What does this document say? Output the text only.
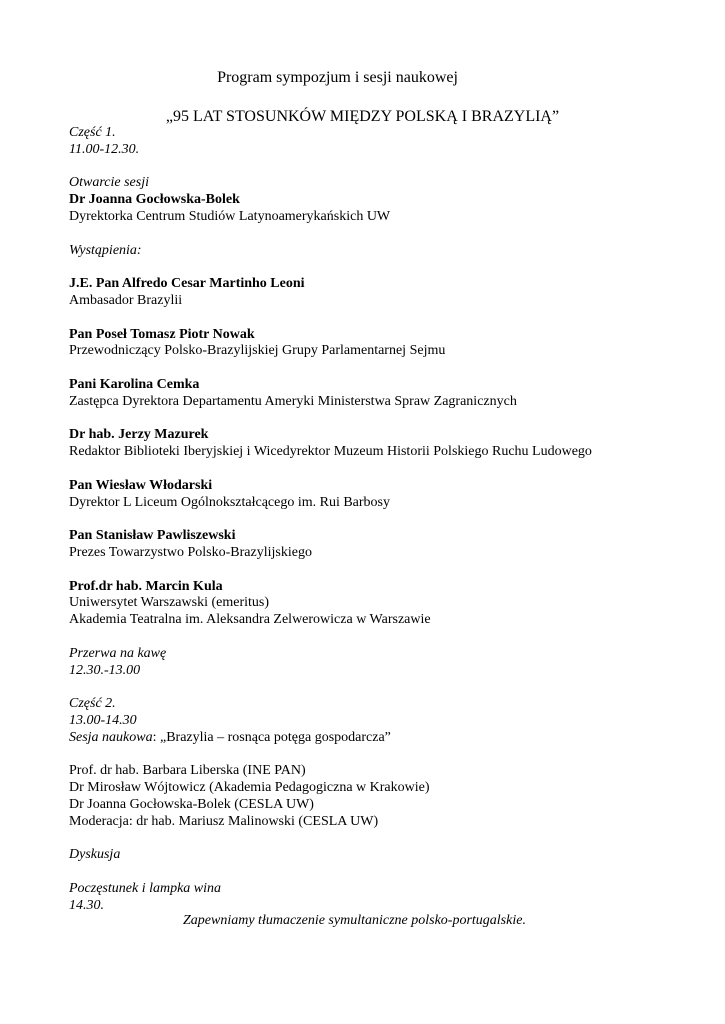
Program sympozjum i sesji naukowej
„95 LAT STOSUNKÓW MIĘDZY POLSKĄ I BRAZYLIĄ”
Część 1.
11.00-12.30.
Otwarcie sesji
Dr Joanna Gocłowska-Bolek
Dyrektorka Centrum Studiów Latynoamerykańskich UW
Wystąpienia:
J.E. Pan Alfredo Cesar Martinho Leoni
Ambasador Brazylii
Pan Poseł Tomasz Piotr Nowak
Przewodniczący Polsko-Brazylijskiej Grupy Parlamentarnej Sejmu
Pani Karolina Cemka
Zastępca Dyrektora Departamentu Ameryki Ministerstwa Spraw Zagranicznych
Dr hab. Jerzy Mazurek
Redaktor Biblioteki Iberyjskiej i Wicedyrektor Muzeum Historii Polskiego Ruchu Ludowego
Pan Wiesław Włodarski
Dyrektor L Liceum Ogólnokształcącego im. Rui Barbosy
Pan Stanisław Pawliszewski
Prezes Towarzystwo Polsko-Brazylijskiego
Prof.dr hab. Marcin Kula
Uniwersytet Warszawski (emeritus)
Akademia Teatralna im. Aleksandra Zelwerowicza w Warszawie
Przerwa na kawę
12.30.-13.00
Część 2.
13.00-14.30
Sesja naukowa: „Brazylia – rosnąca potęga gospodarcza”
Prof. dr hab. Barbara Liberska (INE PAN)
Dr Mirosław Wójtowicz (Akademia Pedagogiczna w Krakowie)
Dr Joanna Gocłowska-Bolek (CESLA UW)
Moderacja: dr hab. Mariusz Malinowski (CESLA UW)
Dyskusja
Poczęstunek i lampka wina
14.30.
Zapewniamy tłumaczenie symultaniczne polsko-portugalskie.
